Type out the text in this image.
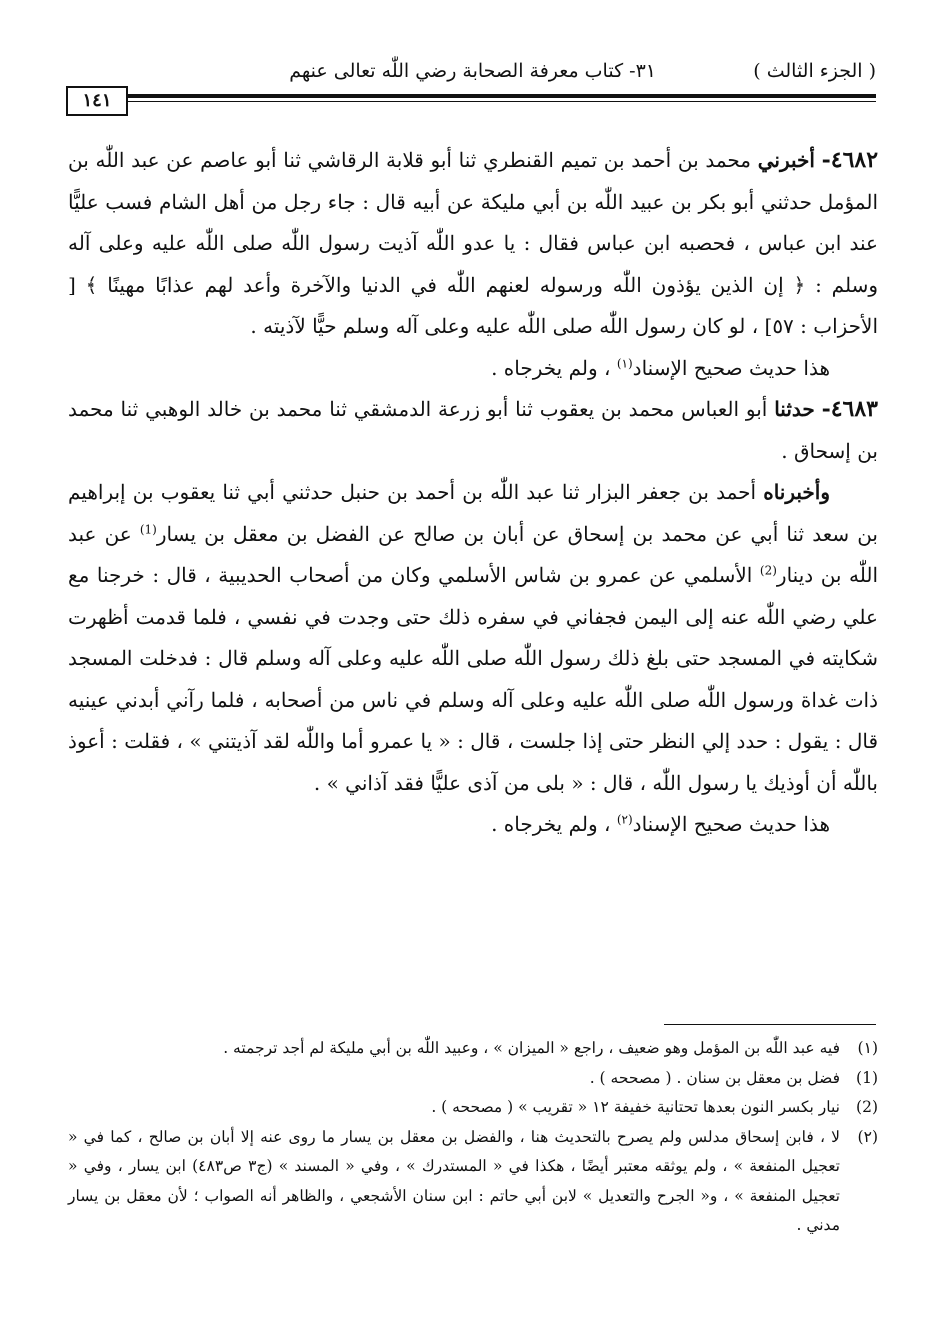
( الجزء الثالث )
٣١- كتاب معرفة الصحابة رضي اللّٰه تعالى عنهم
١٤١

٤٦٨٢- أخبرني محمد بن أحمد بن تميم القنطري ثنا أبو قلابة الرقاشي ثنا أبو عاصم عن عبد اللّٰه بن المؤمل حدثني أبو بكر بن عبيد اللّٰه بن أبي مليكة عن أبيه قال : جاء رجل من أهل الشام فسب عليًّا عند ابن عباس ، فحصبه ابن عباس فقال : يا عدو اللّٰه آذيت رسول اللّٰه صلى اللّٰه عليه وعلى آله وسلم : ﴿ إن الذين يؤذون اللّٰه ورسوله لعنهم اللّٰه في الدنيا والآخرة وأعد لهم عذابًا مهينًا ﴾ [ الأحزاب : ٥٧] ، لو كان رسول اللّٰه صلى اللّٰه عليه وعلى آله وسلم حيًّا لآذيته .

هذا حديث صحيح الإسناد$^{(١)}$ ، ولم يخرجاه .

٤٦٨٣- حدثنا أبو العباس محمد بن يعقوب ثنا أبو زرعة الدمشقي ثنا محمد بن خالد الوهبي ثنا محمد بن إسحاق .

وأخبرناه أحمد بن جعفر البزار ثنا عبد اللّٰه بن أحمد بن حنبل حدثني أبي ثنا يعقوب بن إبراهيم بن سعد ثنا أبي عن محمد بن إسحاق عن أبان بن صالح عن الفضل بن معقل بن يسار$^{(1)}$ عن عبد اللّٰه بن دينار$^{(2)}$ الأسلمي عن عمرو بن شاس الأسلمي وكان من أصحاب الحديبية ، قال : خرجنا مع علي رضي اللّٰه عنه إلى اليمن فجفاني في سفره ذلك حتى وجدت في نفسي ، فلما قدمت أظهرت شكايته في المسجد حتى بلغ ذلك رسول اللّٰه صلى اللّٰه عليه وعلى آله وسلم قال : فدخلت المسجد ذات غداة ورسول اللّٰه صلى اللّٰه عليه وعلى آله وسلم في ناس من أصحابه ، فلما رآني أبدني عينيه قال : يقول : حدد إلي النظر حتى إذا جلست ، قال : « يا عمرو أما واللّٰه لقد آذيتني » ، فقلت : أعوذ باللّٰه أن أوذيك يا رسول اللّٰه ، قال : « بلى من آذى عليًّا فقد آذاني » .

هذا حديث صحيح الإسناد$^{(٢)}$ ، ولم يخرجاه .

(١)
فيه عبد اللّٰه بن المؤمل وهو ضعيف ، راجع « الميزان » ، وعبيد اللّٰه بن أبي مليكة لم أجد ترجمته .
(1)
فضل بن معقل بن سنان . ( مصححه ) .
(2)
نيار بكسر النون بعدها تحتانية خفيفة ١٢ « تقريب » ( مصححه ) .
(٢)
لا ، فابن إسحاق مدلس ولم يصرح بالتحديث هنا ، والفضل بن معقل بن يسار ما روى عنه إلا أبان بن صالح ، كما في « تعجيل المنفعة » ، ولم يوثقه معتبر أيضًا ، هكذا في « المستدرك » ، وفي « المسند » (ج٣ ص٤٨٣) ابن يسار ، وفي « تعجيل المنفعة » ، و« الجرح والتعديل » لابن أبي حاتم : ابن سنان الأشجعي ، والظاهر أنه الصواب ؛ لأن معقل بن يسار مدني .
